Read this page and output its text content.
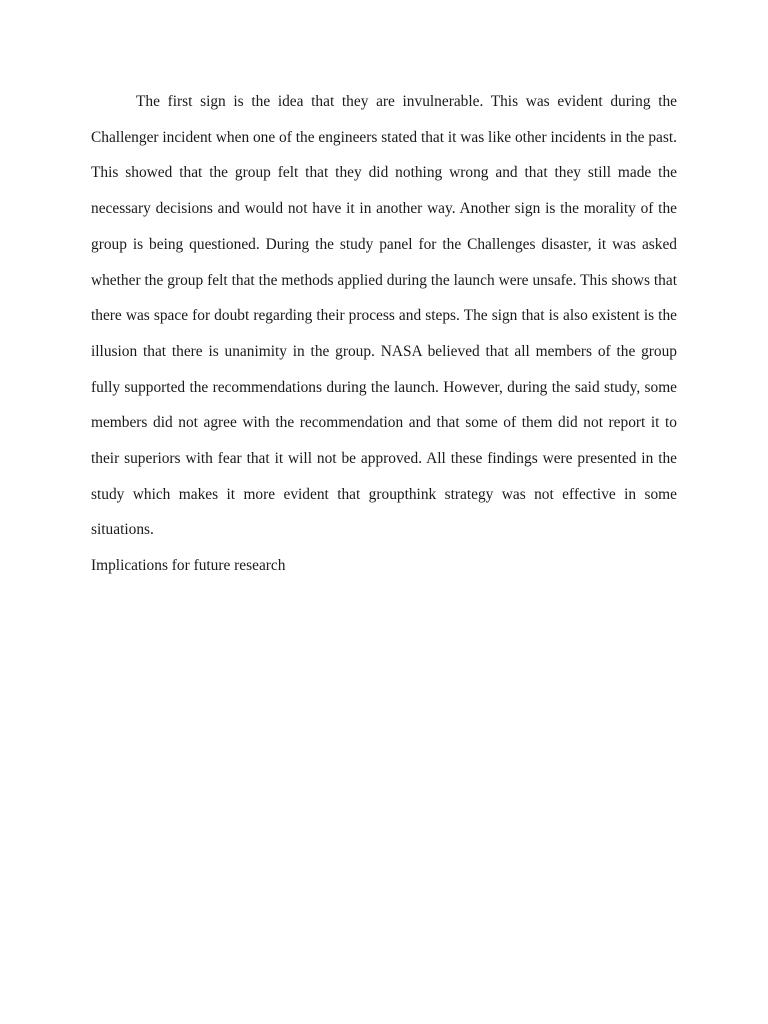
The first sign is the idea that they are invulnerable. This was evident during the Challenger incident when one of the engineers stated that it was like other incidents in the past. This showed that the group felt that they did nothing wrong and that they still made the necessary decisions and would not have it in another way. Another sign is the morality of the group is being questioned. During the study panel for the Challenges disaster, it was asked whether the group felt that the methods applied during the launch were unsafe. This shows that there was space for doubt regarding their process and steps. The sign that is also existent is the illusion that there is unanimity in the group. NASA believed that all members of the group fully supported the recommendations during the launch. However, during the said study, some members did not agree with the recommendation and that some of them did not report it to their superiors with fear that it will not be approved. All these findings were presented in the study which makes it more evident that groupthink strategy was not effective in some situations.

Implications for future research
